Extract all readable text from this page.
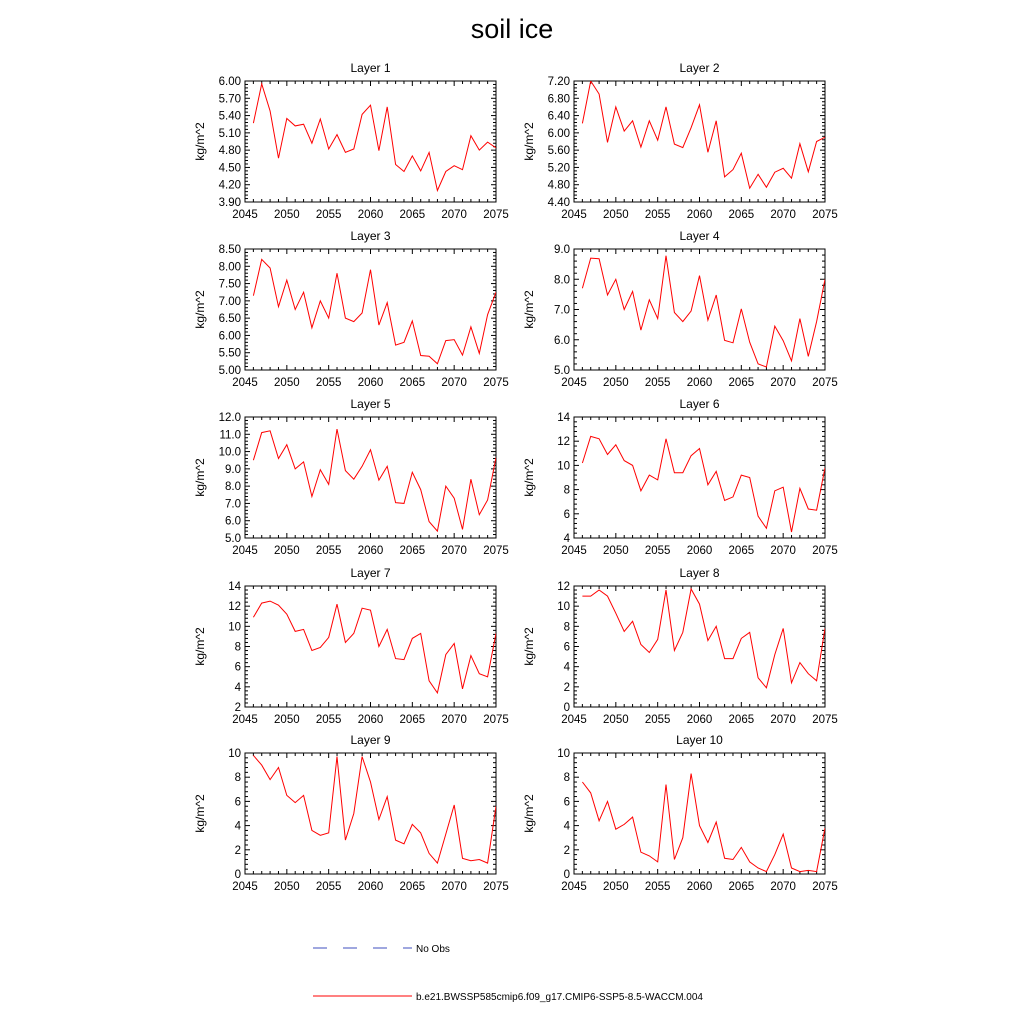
soil ice
2045 2050 2055 2060 2065 2070 2075
3.90
4.20
4.50
4.80
5.10
5.40
5.70
6.00
Layer 1
kg/m^2
2045 2050 2055 2060 2065 2070 2075
4.40
4.80
5.20
5.60
6.00
6.40
6.80
7.20
Layer 2
kg/m^2
2045 2050 2055 2060 2065 2070 2075
5.00
5.50
6.00
6.50
7.00
7.50
8.00
8.50
Layer 3
kg/m^2
2045 2050 2055 2060 2065 2070 2075
5.0
6.0
7.0
8.0
9.0
Layer 4
kg/m^2
2045 2050 2055 2060 2065 2070 2075
5.0
6.0
7.0
8.0
9.0
10.0
11.0
12.0
Layer 5
kg/m^2
2045 2050 2055 2060 2065 2070 2075
4
6
8
10
12
14
Layer 6
kg/m^2
2045 2050 2055 2060 2065 2070 2075
2
4
6
8
10
12
14
Layer 7
kg/m^2
2045 2050 2055 2060 2065 2070 2075
0
2
4
6
8
10
12
Layer 8
kg/m^2
2045 2050 2055 2060 2065 2070 2075
0
2
4
6
8
10
Layer 9
kg/m^2
2045 2050 2055 2060 2065 2070 2075
0
2
4
6
8
10
Layer 10
kg/m^2
No Obs
b.e21.BWSSP585cmip6.f09_g17.CMIP6-SSP5-8.5-WACCM.004
